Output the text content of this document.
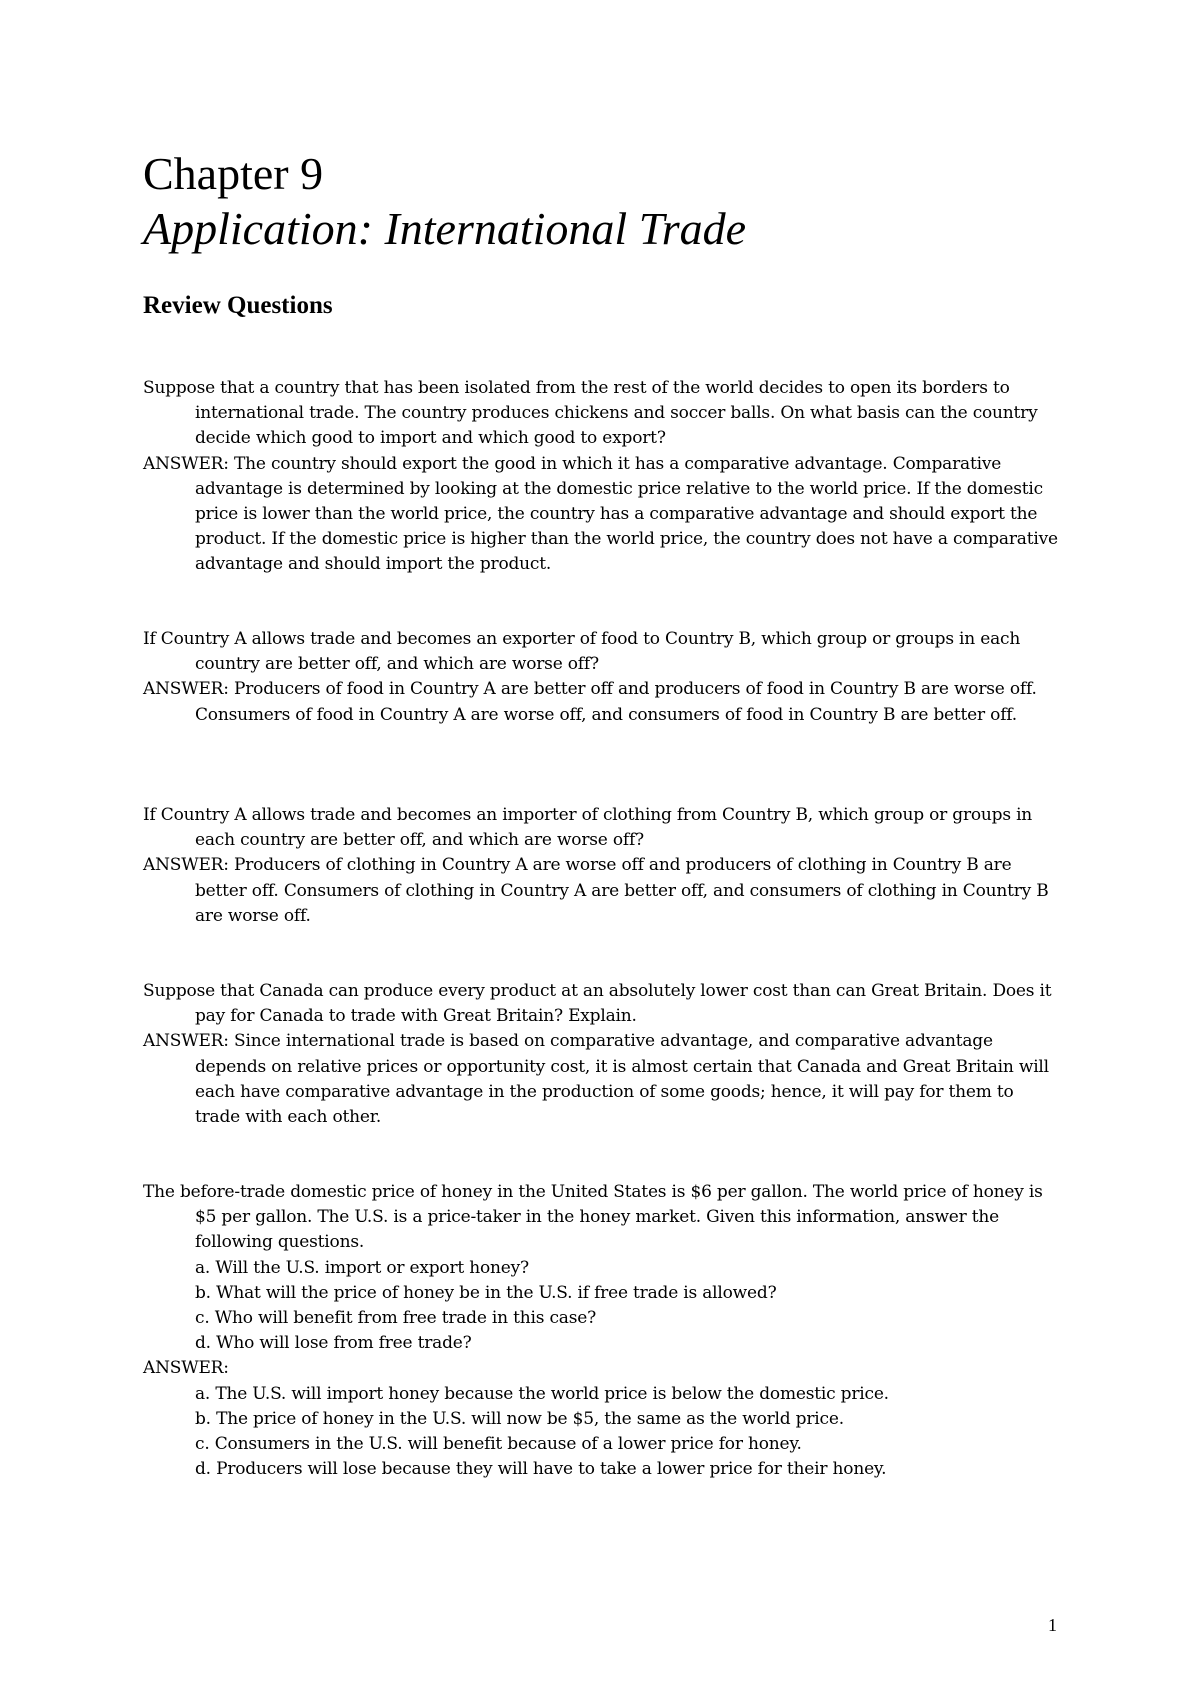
Chapter 9
Application: International Trade
Review Questions

Suppose that a country that has been isolated from the rest of the world decides to open its borders to international trade. The country produces chickens and soccer balls. On what basis can the country decide which good to import and which good to export?

ANSWER: The country should export the good in which it has a comparative advantage. Comparative advantage is determined by looking at the domestic price relative to the world price. If the domestic price is lower than the world price, the country has a comparative advantage and should export the product. If the domestic price is higher than the world price, the country does not have a comparative advantage and should import the product.

If Country A allows trade and becomes an exporter of food to Country B, which group or groups in each country are better off, and which are worse off?

ANSWER: Producers of food in Country A are better off and producers of food in Country B are worse off. Consumers of food in Country A are worse off, and consumers of food in Country B are better off.

If Country A allows trade and becomes an importer of clothing from Country B, which group or groups in each country are better off, and which are worse off?

ANSWER: Producers of clothing in Country A are worse off and producers of clothing in Country B are better off. Consumers of clothing in Country A are better off, and consumers of clothing in Country B are worse off.

Suppose that Canada can produce every product at an absolutely lower cost than can Great Britain. Does it pay for Canada to trade with Great Britain? Explain.

ANSWER: Since international trade is based on comparative advantage, and comparative advantage depends on relative prices or opportunity cost, it is almost certain that Canada and Great Britain will each have comparative advantage in the production of some goods; hence, it will pay for them to trade with each other.

The before-trade domestic price of honey in the United States is $6 per gallon. The world price of honey is $5 per gallon. The U.S. is a price-taker in the honey market. Given this information, answer the following questions.

a. Will the U.S. import or export honey?
b. What will the price of honey be in the U.S. if free trade is allowed?
c. Who will benefit from free trade in this case?
d. Who will lose from free trade?

ANSWER:

a. The U.S. will import honey because the world price is below the domestic price.
b. The price of honey in the U.S. will now be $5, the same as the world price.
c. Consumers in the U.S. will benefit because of a lower price for honey.
d. Producers will lose because they will have to take a lower price for their honey.
1
